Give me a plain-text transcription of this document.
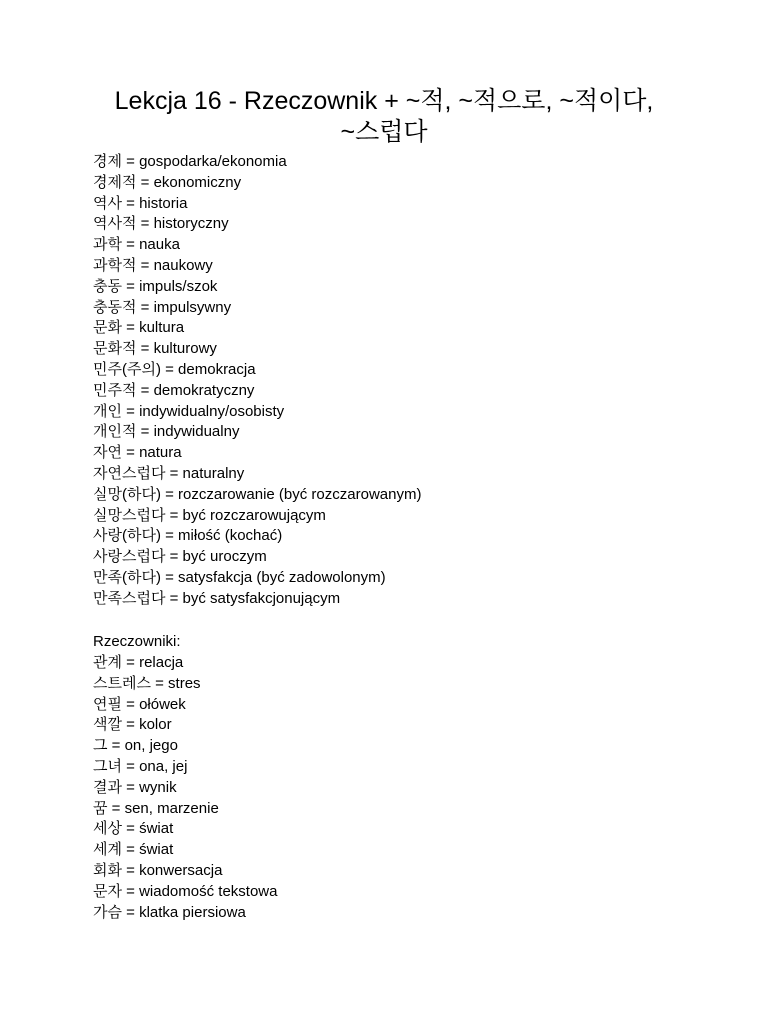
Lekcja 16 - Rzeczownik + ~적, ~적으로, ~적이다,
~스럽다
경제 = gospodarka/ekonomia
경제적 = ekonomiczny
역사 = historia
역사적 = historyczny
과학 = nauka
과학적 = naukowy
충동 = impuls/szok
충동적 = impulsywny
문화 = kultura
문화적 = kulturowy
민주(주의) = demokracja
민주적 = demokratyczny
개인 = indywidualny/osobisty
개인적 = indywidualny
자연 = natura
자연스럽다 = naturalny
실망(하다) = rozczarowanie (być rozczarowanym)
실망스럽다 = być rozczarowującym
사랑(하다) = miłość (kochać)
사랑스럽다 = być uroczym
만족(하다) = satysfakcja (być zadowolonym)
만족스럽다 = być satysfakcjonującym

Rzeczowniki:

관계 = relacja
스트레스 = stres
연필 = ołówek
색깔 = kolor
그 = on, jego
그녀 = ona, jej
결과 = wynik
꿈 = sen, marzenie
세상 = świat
세계 = świat
회화 = konwersacja
문자 = wiadomość tekstowa
가슴 = klatka piersiowa
